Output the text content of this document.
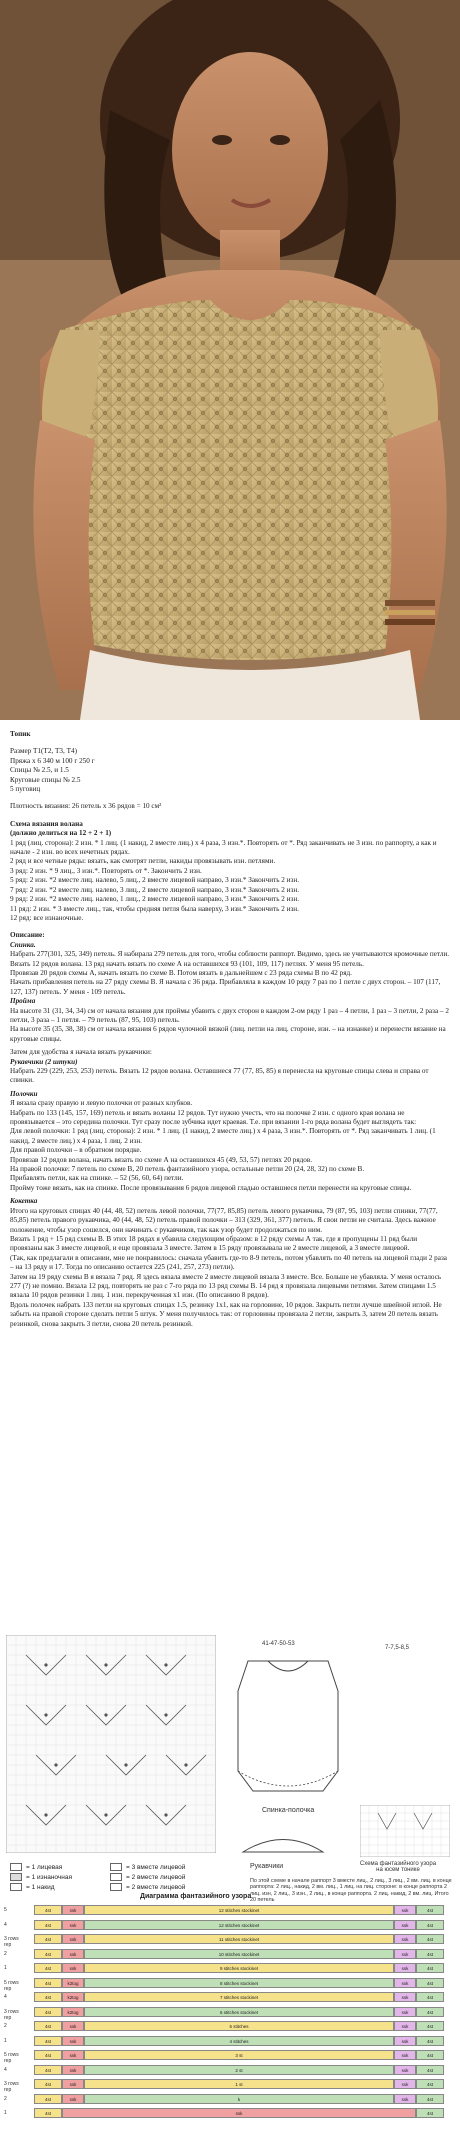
Топик

Размер Т1(Т2, Т3, Т4)

Пряжа х 6 340 м 100 г 250 г

Спицы № 2.5, и 1.5

Круговые спицы № 2.5

5 пуговиц

Плотность вязания: 26 петель х 36 рядов = 10 см²

Схема вязания волана

(должно делиться на 12 + 2 + 1)

1 ряд (лиц. сторона): 2 изн. * 1 лиц. (1 накид, 2 вместе лиц.) х 4 раза, 3 изн.*. Повторять от *. Ряд заканчивать не 3 изн. по раппорту, а как и начале - 2 изн. во всех нечетных рядах.

2 ряд и все четные ряды: вязать, как смотрят петли, накиды провязывать изн. петлями.

3 ряд: 2 изн. * 9 лиц., 3 изн.*. Повторять от *. Закончить 2 изн.

5 ряд: 2 изн. *2 вместе лиц. налево, 5 лиц., 2 вместе лицевой направо, 3 изн.* Закончить 2 изн.

7 ряд: 2 изн. *2 вместе лиц. налево, 3 лиц., 2 вместе лицевой направо, 3 изн.* Закончить 2 изн.

9 ряд: 2 изн. *2 вместе лиц. налево, 1 лиц., 2 вместе лицевой направо, 3 изн.* Закончить 2 изн.

11 ряд: 2 изн. * 3 вместе лиц., так, чтобы средняя петля была наверху, 3 изн.* Закончить 2 изн.

12 ряд: все изнаночные.

Описание:

Спинка.

Набрать 277(301, 325, 349) петель. Я набирала 279 петель для того, чтобы соблюсти раппорт. Видимо, здесь не учитываются кромочные петли. Вязать 12 рядов волана. 13 ряд начать вязать по схеме А на оставшихся 93 (101, 109, 117) петлях. У меня 95 петель.

Провязав 20 рядов схемы А, начать вязать по схеме В. Потом вязать в дальнейшем с 23 ряда схемы В по 42 ряд.

Начать прибавления петель на 27 ряду схемы В. Я начала с 36 ряда. Прибавляла в каждом 10 ряду 7 раз по 1 петле с двух сторон. – 107 (117, 127, 137) петель. У меня - 109 петель.

Пройма

На высоте 31 (31, 34, 34) см от начала вязания для проймы убавить с двух сторон в каждом 2-ом ряду 1 раз – 4 петли, 1 раз – 3 петли, 2 раза – 2 петли, 3 раза – 1 петля. – 79 петель (87, 95, 103) петель.

На высоте 35 (35, 38, 38) см от начала вязания 6 рядов чулочной вязкой (лиц. петли на лиц. стороне, изн. – на изнанке) и перенести вязание на круговые спицы.

Затем для удобства я начала вязать рукавчики:

Рукавчики (2 штуки)

Набрать 229 (229, 253, 253) петель. Вязать 12 рядов волана. Оставшиеся 77 (77, 85, 85) я перенесла на круговые спицы слева и справа от спинки.

Полочки

Я вязала сразу правую и левую полочки от разных клубков.

Набрать по 133 (145, 157, 169) петель и вязать воланы 12 рядов. Тут нужно учесть, что на полочке 2 изн. с одного края волана не провязывается – это середина полочки. Тут сразу после зубчика идет краевая. Т.е. при вязании 1-го ряда волана будет выглядеть так:

Для левой полочки: 1 ряд (лиц. сторона): 2 изн. * 1 лиц. (1 накид, 2 вместе лиц.) х 4 раза, 3 изн.*. Повторять от *. Ряд заканчивать 1 лиц. (1 накид, 2 вместе лиц.) х 4 раза, 1 лиц. 2 изн.

Для правой полочки – в обратном порядке.

Провязав 12 рядов волана, начать вязать по схеме А на оставшихся 45 (49, 53, 57) петлях 20 рядов.

На правой полочке: 7 петель по схеме В, 20 петель фантазийного узора, остальные петли 20 (24, 28, 32) по схеме В.

Прибавлять петли, как на спинке. – 52 (56, 60, 64) петли.

Пройму тоже вязать, как на спинке. После провязывания 6 рядов лицевой гладью оставшиеся петли перенести на круговые спицы.

Кокетка

Итого на круговых спицах 40 (44, 48, 52) петель левой полочки, 77(77, 85,85) петель левого рукавчика, 79 (87, 95, 103) петли спинки, 77(77, 85,85) петель правого рукавчика, 40 (44, 48, 52) петель правой полочки – 313 (329, 361, 377) петель. Я свои петли не считала. Здесь важное положение, чтобы узор сошелся, они начинать с рукавчиков, так как узор будет продолжаться по ним.

Вязать 1 ряд + 15 ряд схемы В. В этих 18 рядах я убавила следующим образом: в 12 ряду схемы А так, где я пропущены 11 ряд были провязаны как 3 вместе лицевой, и еще провязала 3 вместе. Затем в 15 ряду провязывала не 2 вместе лицевой, а 3 вместе лицевой.

(Так, как предлагали в описании, мне не понравилось: сначала убавить где-то 8-9 петель, потом убавлять по 40 петель на лицевой глади 2 раза – на 13 ряду и 17. Тогда по описанию остается 225 (241, 257, 273) петли).

Затем на 19 ряду схемы В я вязала 7 ряд. Я здесь вязала вместе 2 вместе лицевой вязала 3 вместе. Все. Больше не убавляла. У меня осталось 277 (?) не помню. Вязала 12 ряд, повторять не раз с 7-го ряда по 13 ряд схемы В. 14 ряд я провязала лицевыми петлями. Затем спицами 1.5 вязала 10 рядов резинки 1 лиц. 1 изн. перекрученная х1 изн. (По описанию 8 рядов).

Вдоль полочек набрать 133 петли на круговых спицах 1.5, резинку 1х1, как на горловине, 10 рядов. Закрыть петли лучше швейной иглой. Не забыть на правой стороне сделать петли 5 штук. У меня получилось так: от горловины провязала 2 петли, закрыть 3, затем 20 петель вязать резинкой, снова закрыть 3 петли, снова 20 петель резинкой.

41-47-50-53
7-7,5-8,5
Спинка-полочка
Рукавчики	Схема фантазийного узора
на юсем тонике
По этой схеме в начале раппорт 3 вместе лиц., 2 лиц., 3 лиц., 2 вм. лиц. в конце раппорта: 2 лиц., накид, 2 вм. лиц., 1 лиц. на лиц. стороне: в конце раппорта 2 лиц. изн, 2 лиц., 3 изн., 2 лиц., в конце раппорта. 2 лиц. накид, 2 вм. лиц. Итого 20 петель
= 1 лицевая
= 1 изнаночная
= 1 накид
= 3 вместе лицевой
= 2 вместе лицевой
= 2 вместе лицевой
Диаграмма фантазийного узора
5	4st	ssk	12 stitches stockinet	ssk	4st
4	4st	ssk	12 stitches stockinet	ssk	4st
3 rows rep
4st	ssk	11 stitches stockinet	ssk	4st
2	4st	ssk	10 stitches stockinet	ssk	4st
1	4st	ssk	9 stitches stockinet	ssk	4st
5 rows rep
4st	k2tog	8 stitches stockinet	ssk	4st
4	4st	k2tog	7 stitches stockinet	ssk	4st
3 rows rep
4st	k2tog	6 stitches stockinet	ssk	4st
2	4st	ssk	5 stitches	ssk	4st
1	4st	ssk	4 stitches	ssk	4st
5 rows rep
4st	ssk	3 st	ssk	4st
4	4st	ssk	2 st	ssk	4st
3 rows rep
4st	ssk	1 st	ssk	4st
2	4st	ssk	k	ssk	4st
1	4st	ssk	4st
